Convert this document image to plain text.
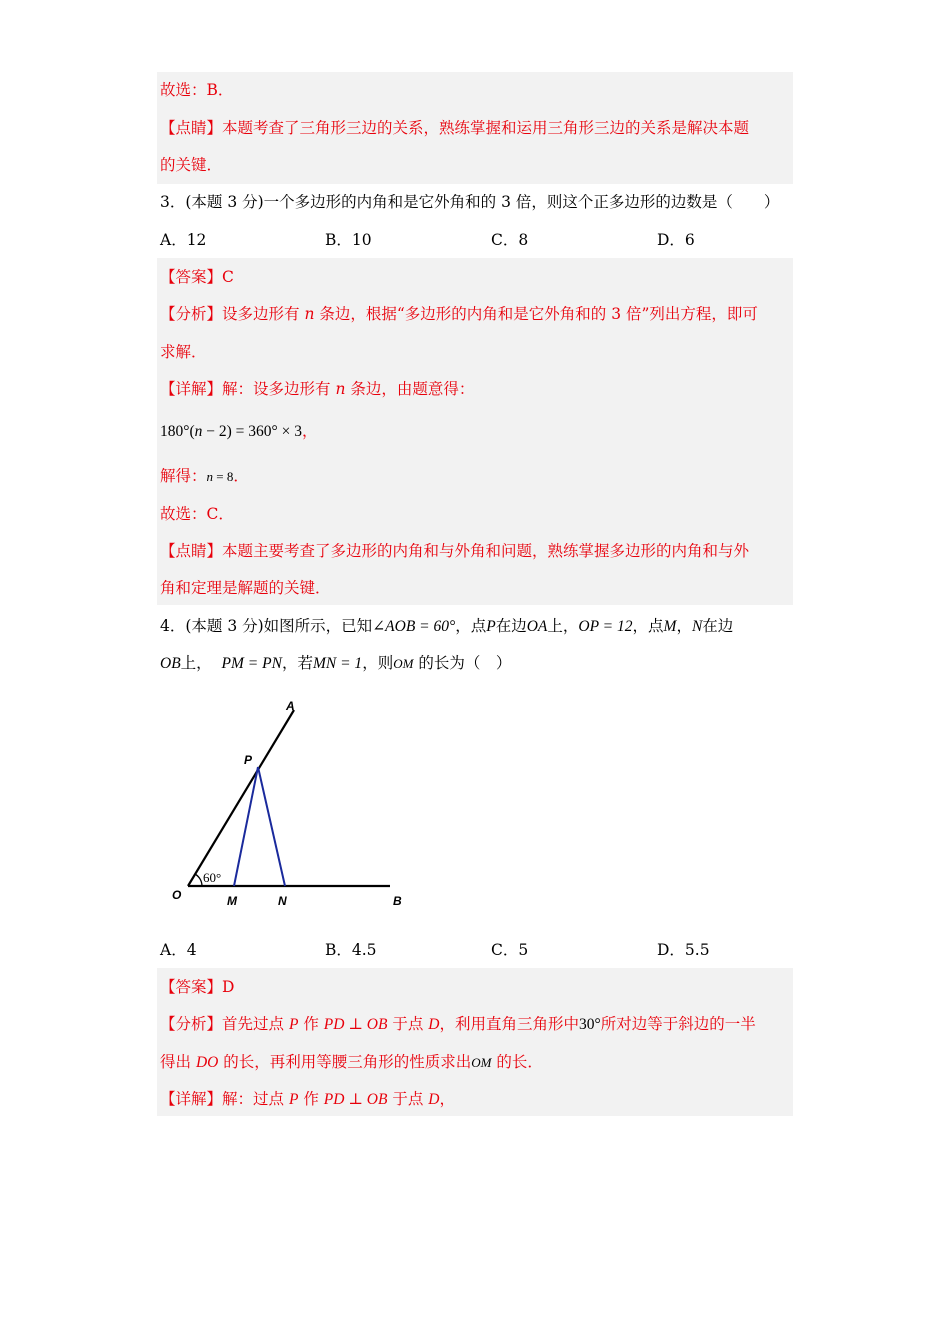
故选：B．
【点睛】本题考查了三角形三边的关系，熟练掌握和运用三角形三边的关系是解决本题
的关键．
3．(本题 3 分)一个多边形的内角和是它外角和的 3 倍，则这个正多边形的边数是（　　）
A．12	B．10	C．8	D．6
【答案】C
【分析】设多边形有 n 条边，根据“多边形的内角和是它外角和的 3 倍”列出方程，即可
求解．
【详解】解：设多边形有 n 条边，由题意得：
180°(n − 2) = 360° × 3，
解得：n = 8．
故选：C．
【点睛】本题主要考查了多边形的内角和与外角和问题，熟练掌握多边形的内角和与外
角和定理是解题的关键．
4．(本题 3 分)如图所示，已知∠AOB = 60°，点P在边OA上，OP = 12，点M，N在边
OB上， PM = PN，若MN = 1，则OM 的长为（　）
60°
A
P
O	M	N	B
A．4	B．4.5	C．5	D．5.5
【答案】D
【分析】首先过点 P 作 PD ⊥ OB 于点 D，利用直角三角形中30°所对边等于斜边的一半
得出 DO 的长，再利用等腰三角形的性质求出OM 的长．
【详解】解：过点 P 作 PD ⊥ OB 于点 D，
